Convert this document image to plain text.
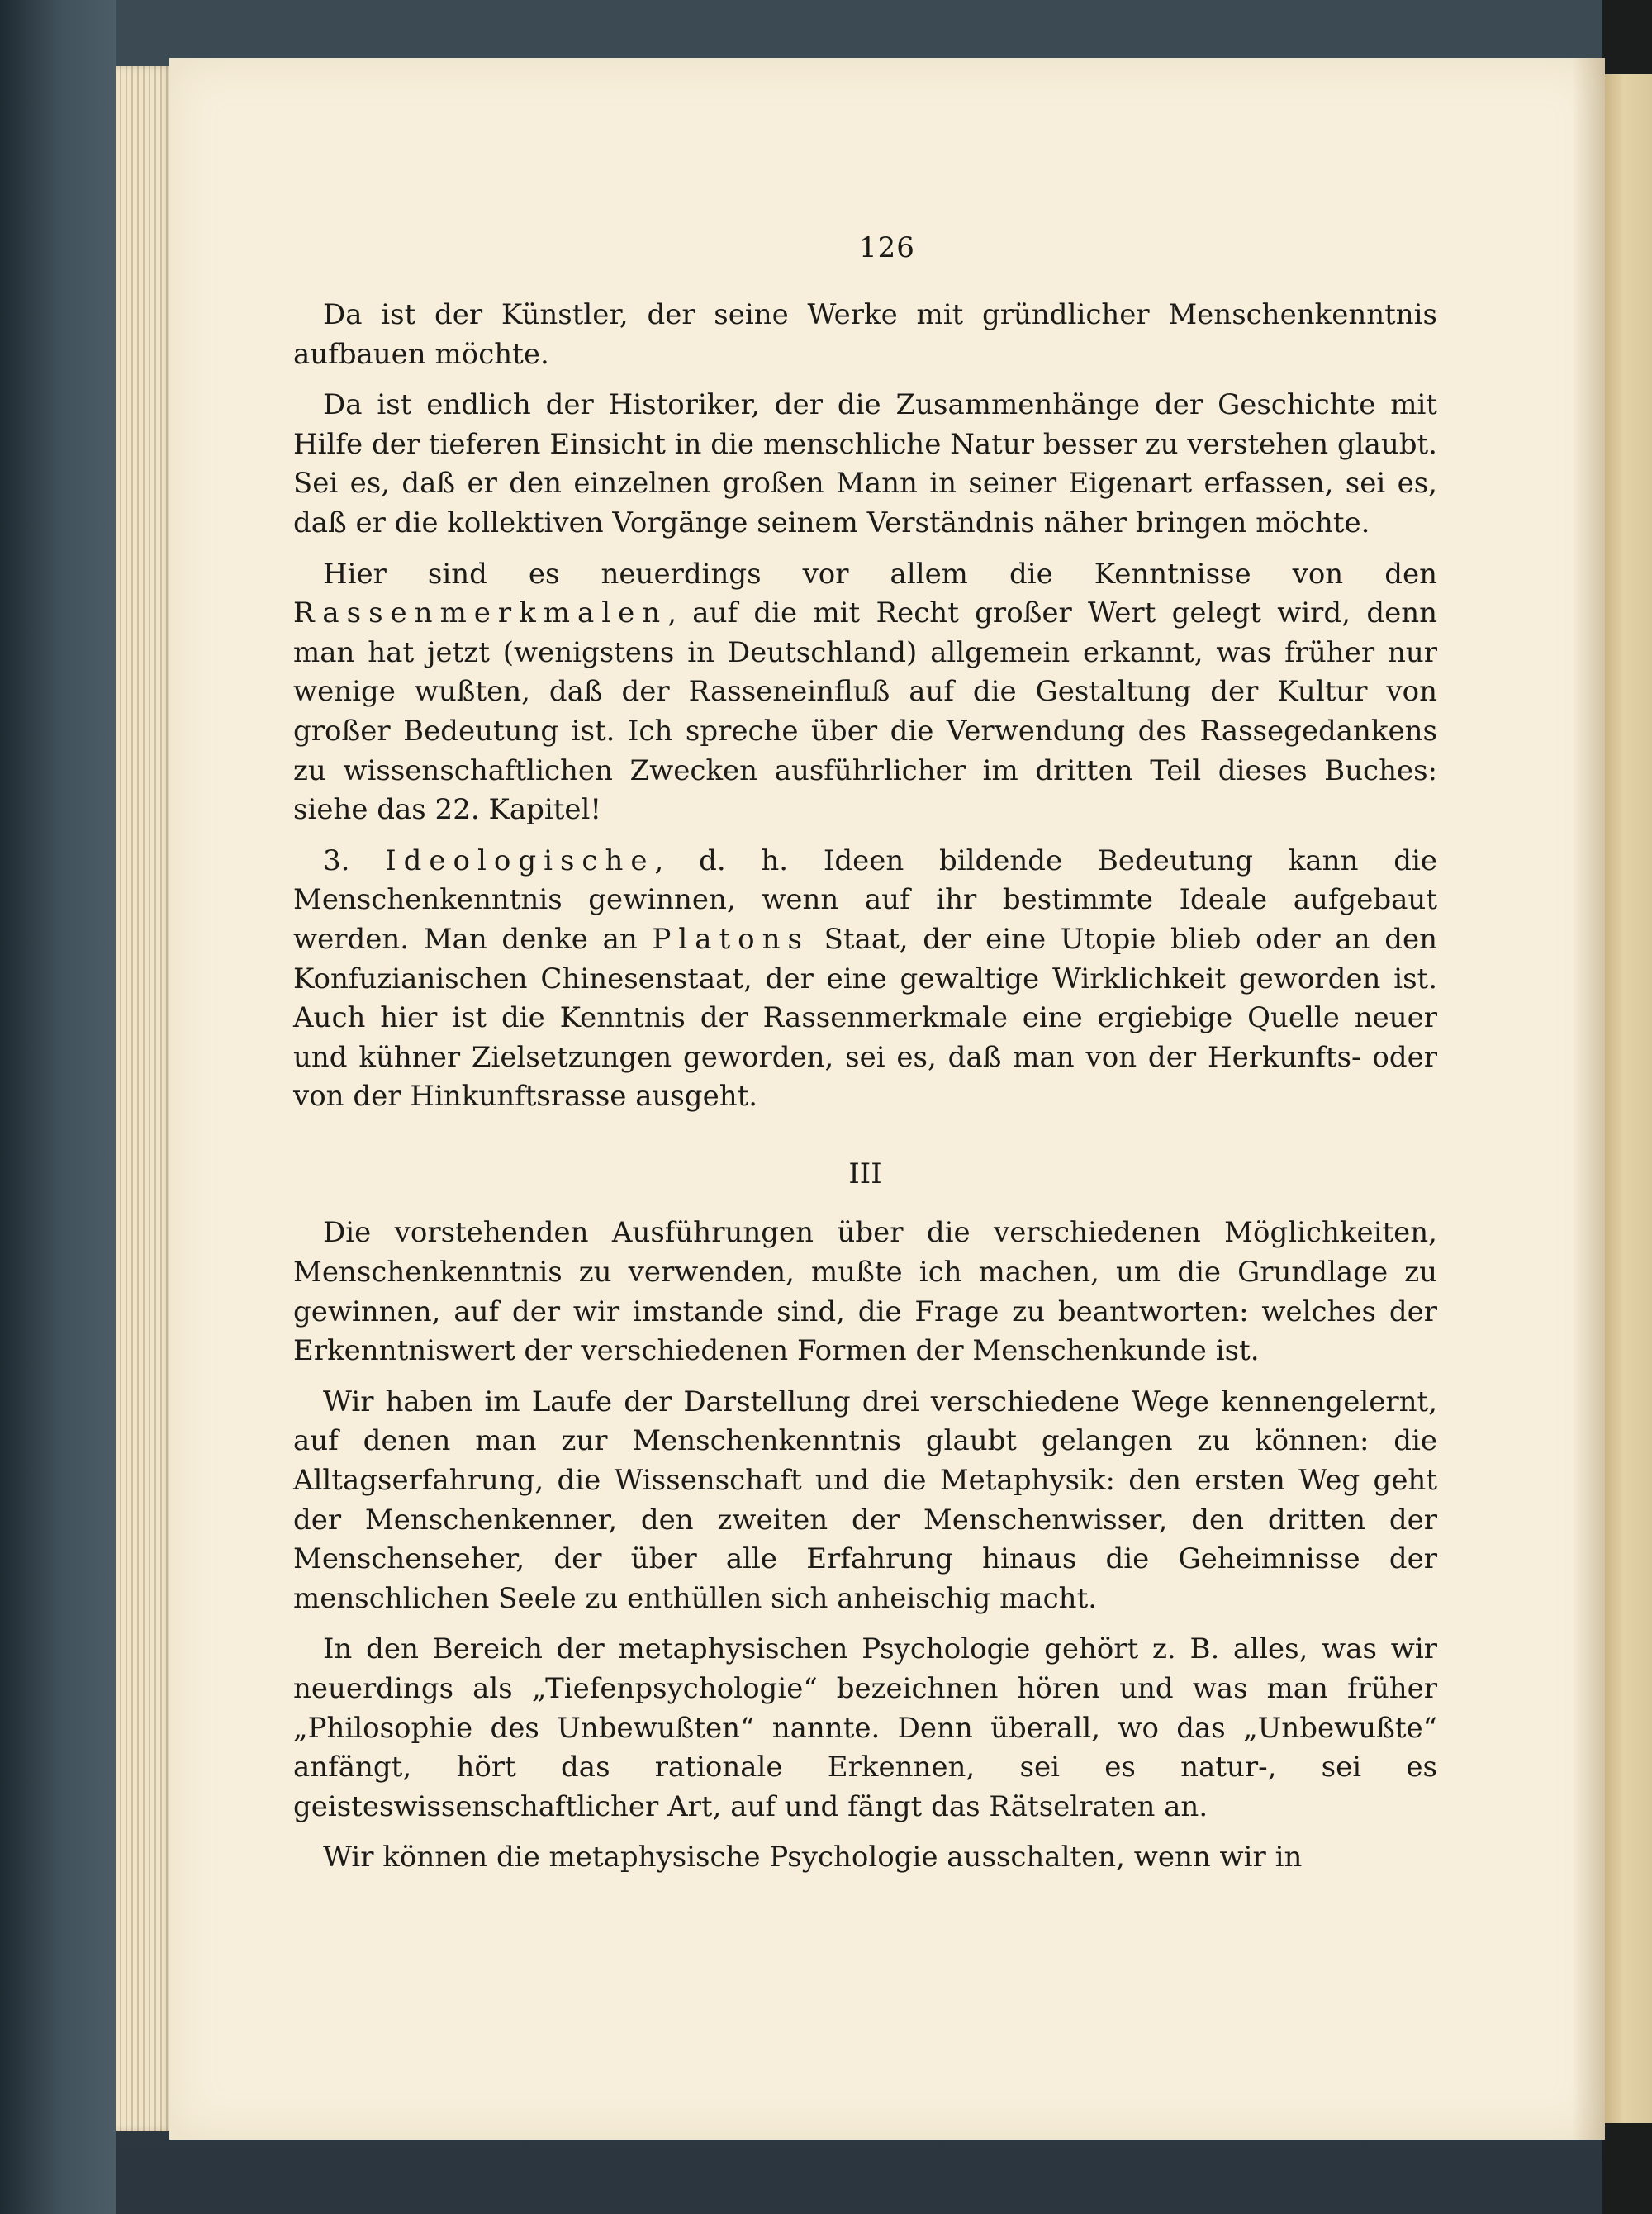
126

Da ist der Künstler, der seine Werke mit gründlicher Menschenkenntnis aufbauen möchte.

Da ist endlich der Historiker, der die Zusammenhänge der Geschichte mit Hilfe der tieferen Einsicht in die menschliche Natur besser zu verstehen glaubt. Sei es, daß er den einzelnen großen Mann in seiner Eigenart erfassen, sei es, daß er die kollektiven Vorgänge seinem Verständnis näher bringen möchte.

Hier sind es neuerdings vor allem die Kenntnisse von den Rassenmerkmalen, auf die mit Recht großer Wert gelegt wird, denn man hat jetzt (wenigstens in Deutschland) allgemein erkannt, was früher nur wenige wußten, daß der Rasseneinfluß auf die Gestaltung der Kultur von großer Bedeutung ist. Ich spreche über die Verwendung des Rassegedankens zu wissenschaftlichen Zwecken ausführlicher im dritten Teil dieses Buches: siehe das 22. Kapitel!

3. Ideologische, d. h. Ideen bildende Bedeutung kann die Menschenkenntnis gewinnen, wenn auf ihr bestimmte Ideale aufgebaut werden. Man denke an Platons Staat, der eine Utopie blieb oder an den Konfuzianischen Chinesenstaat, der eine gewaltige Wirklichkeit geworden ist. Auch hier ist die Kenntnis der Rassenmerkmale eine ergiebige Quelle neuer und kühner Zielsetzungen geworden, sei es, daß man von der Herkunfts- oder von der Hinkunftsrasse ausgeht.

III

Die vorstehenden Ausführungen über die verschiedenen Möglichkeiten, Menschenkenntnis zu verwenden, mußte ich machen, um die Grundlage zu gewinnen, auf der wir imstande sind, die Frage zu beantworten: welches der Erkenntniswert der verschiedenen Formen der Menschenkunde ist.

Wir haben im Laufe der Darstellung drei verschiedene Wege kennengelernt, auf denen man zur Menschenkenntnis glaubt gelangen zu können: die Alltagserfahrung, die Wissenschaft und die Metaphysik: den ersten Weg geht der Menschenkenner, den zweiten der Menschenwisser, den dritten der Menschenseher, der über alle Erfahrung hinaus die Geheimnisse der menschlichen Seele zu enthüllen sich anheischig macht.

In den Bereich der metaphysischen Psychologie gehört z. B. alles, was wir neuerdings als „Tiefenpsychologie“ bezeichnen hören und was man früher „Philosophie des Unbewußten“ nannte. Denn überall, wo das „Unbewußte“ anfängt, hört das rationale Erkennen, sei es natur-, sei es geisteswissenschaftlicher Art, auf und fängt das Rätselraten an.

Wir können die metaphysische Psychologie ausschalten, wenn wir in
